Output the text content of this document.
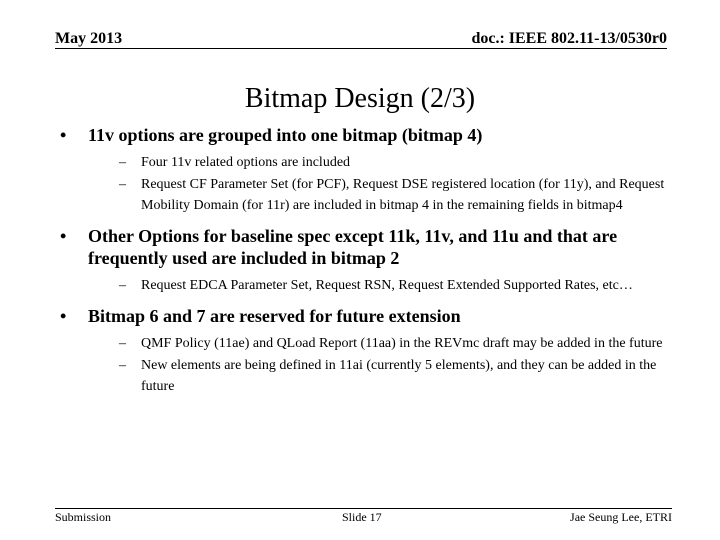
May 2013	doc.: IEEE 802.11-13/0530r0
Bitmap Design (2/3)
• 11v options are grouped into one bitmap (bitmap 4)
– Four 11v related options are included
– Request CF Parameter Set (for PCF), Request DSE registered location (for 11y), and Request Mobility Domain (for 11r) are included in bitmap 4 in the remaining fields in bitmap4
• Other Options for baseline spec except 11k, 11v, and 11u and that are frequently used are included in bitmap 2
– Request EDCA Parameter Set, Request RSN, Request Extended Supported Rates, etc…
• Bitmap 6 and 7 are reserved for future extension
– QMF Policy (11ae) and QLoad Report (11aa) in the REVmc draft may be added in the future
– New elements are being defined in 11ai (currently 5 elements), and they can be added in the future
Submission	Slide 17	Jae Seung Lee, ETRI
